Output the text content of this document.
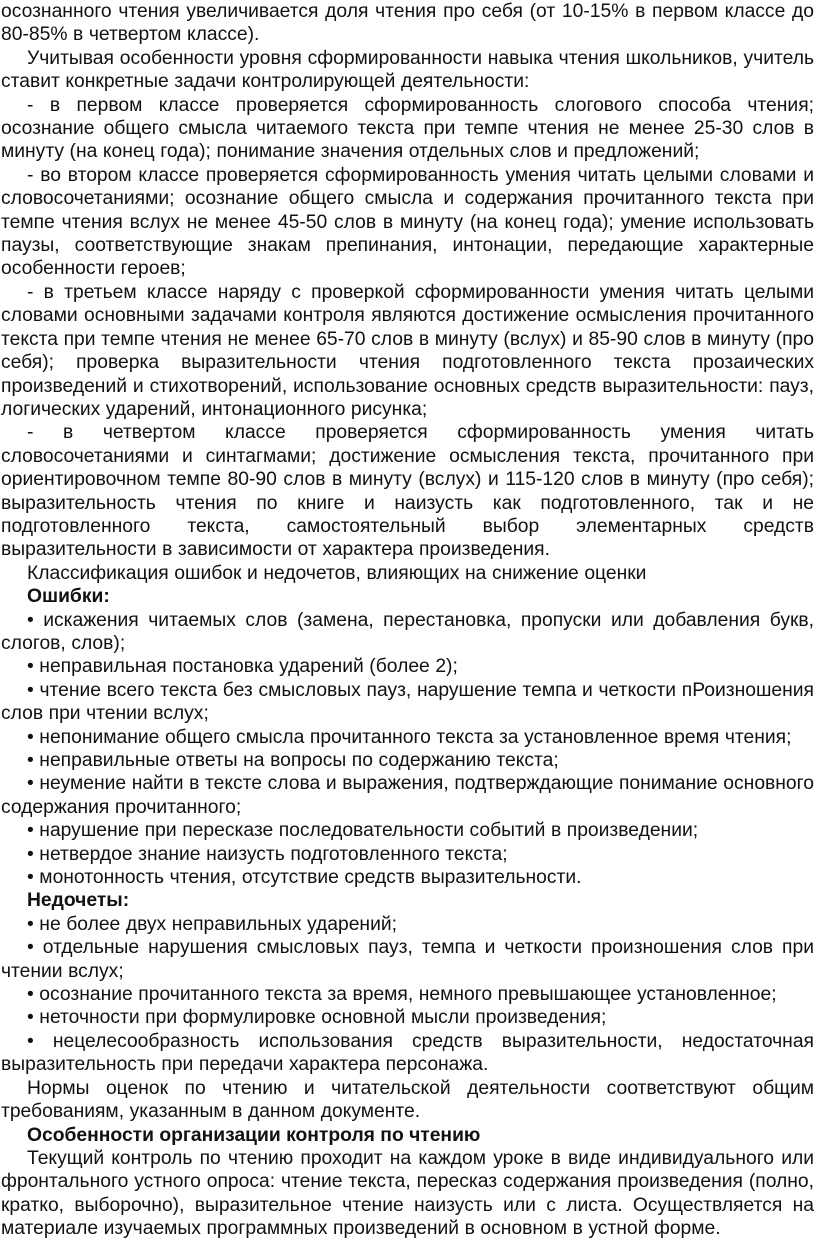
осознанного чтения увеличивается доля чтения про себя (от 10-15% в первом классе до 80-85% в четвертом классе).

Учитывая особенности уровня сформированности навыка чтения школьников, учитель ставит конкретные задачи контролирующей деятельности:

- в первом классе проверяется сформированность слогового способа чтения; осознание общего смысла читаемого текста при темпе чтения не менее 25-30 слов в минуту (на конец года); понимание значения отдельных слов и предложений;

- во втором классе проверяется сформированность умения читать целыми словами и словосочетаниями; осознание общего смысла и содержания прочитанного текста при темпе чтения вслух не менее 45-50 слов в минуту (на конец года); умение использовать паузы, соответствующие знакам препинания, интонации, передающие характерные особенности героев;

- в третьем классе наряду с проверкой сформированности умения читать целыми словами основными задачами контроля являются достижение осмысления прочитанного текста при темпе чтения не менее 65-70 слов в минуту (вслух) и 85-90 слов в минуту (про себя); проверка выразительности чтения подготовленного текста прозаических произведений и стихотворений, использование основных средств выразительности: пауз, логических ударений, интонационного рисунка;

- в четвертом классе проверяется сформированность умения читать словосочетаниями и синтагмами; достижение осмысления текста, прочитанного при ориентировочном темпе 80-90 слов в минуту (вслух) и 115-120 слов в минуту (про себя); выразительность чтения по книге и наизусть как подготовленного, так и не подготовленного текста, самостоятельный выбор элементарных средств выразительности в зависимости от характера произведения.

Классификация ошибок и недочетов, влияющих на снижение оценки

Ошибки:

• искажения читаемых слов (замена, перестановка, пропуски или добавления букв, слогов, слов);

• неправильная постановка ударений (более 2);

• чтение всего текста без смысловых пауз, нарушение темпа и четкости пРоизношения слов при чтении вслух;

• непонимание общего смысла прочитанного текста за установленное время чтения;

• неправильные ответы на вопросы по содержанию текста;

• неумение найти в тексте слова и выражения, подтверждающие понимание основного содержания прочитанного;

• нарушение при пересказе последовательности событий в произведении;

• нетвердое знание наизусть подготовленного текста;

• монотонность чтения, отсутствие средств выразительности.

Недочеты:

• не более двух неправильных ударений;

• отдельные нарушения смысловых пауз, темпа и четкости произношения слов при чтении вслух;

• осознание прочитанного текста за время, немного превышающее установленное;

• неточности при формулировке основной мысли произведения;

• нецелесообразность использования средств выразительности, недостаточная выразительность при передачи характера персонажа.

Нормы оценок по чтению и читательской деятельности соответствуют общим требованиям, указанным в данном документе.

Особенности организации контроля по чтению

Текущий контроль по чтению проходит на каждом уроке в виде индивидуального или фронтального устного опроса: чтение текста, пересказ содержания произведения (полно, кратко, выборочно), выразительное чтение наизусть или с листа. Осуществляется на материале изучаемых программных произведений в основном в устной форме.
